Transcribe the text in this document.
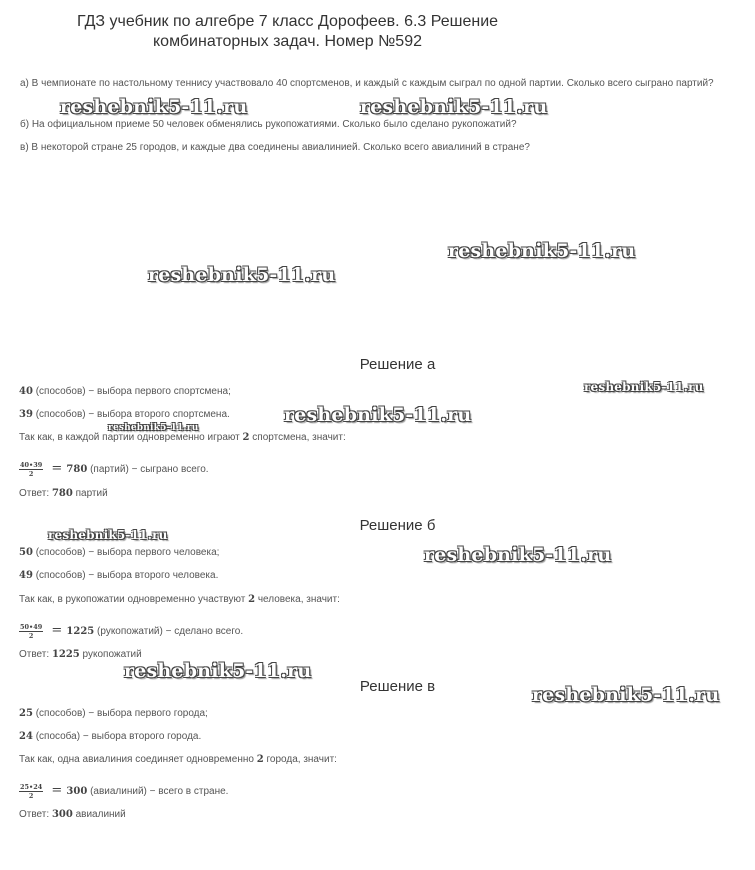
ГДЗ учебник по алгебре 7 класс Дорофеев. 6.3 Решение комбинаторных задач. Номер №592
а) В чемпионате по настольному теннису участвовало 40 спортсменов, и каждый с каждым сыграл по одной партии. Сколько всего сыграно партий?
б) На официальном приеме 50 человек обменялись рукопожатиями. Сколько было сделано рукопожатий?
в) В некоторой стране 25 городов, и каждые два соединены авиалинией. Сколько всего авиалиний в стране?
Решение а
40 (способов) − выбора первого спортсмена;
39 (способов) − выбора второго спортсмена.
Так как, в каждой партии одновременно играют 2 спортсмена, значит:
$\frac{40•39}{2} = 780$ (партий) − сыграно всего.
Ответ: 780 партий
Решение б
50 (способов) − выбора первого человека;
49 (способов) − выбора второго человека.
Так как, в рукопожатии одновременно участвуют 2 человека, значит:
$\frac{50•49}{2} = 1225$ (рукопожатий) − сделано всего.
Ответ: 1225 рукопожатий
Решение в
25 (способов) − выбора первого города;
24 (способа) − выбора второго города.
Так как, одна авиалиния соединяет одновременно 2 города, значит:
$\frac{25•24}{2} = 300$ (авиалиний) − всего в стране.
Ответ: 300 авиалиний
reshebnik5-11.ru	reshebnik5-11.ru
reshebnik5-11.ru
reshebnik5-11.ru
reshebnik5-11.ru
reshebnik5-11.ru
reshebnik5-11.ru
reshebnik5-11.ru
reshebnik5-11.ru
reshebnik5-11.ru
reshebnik5-11.ru
